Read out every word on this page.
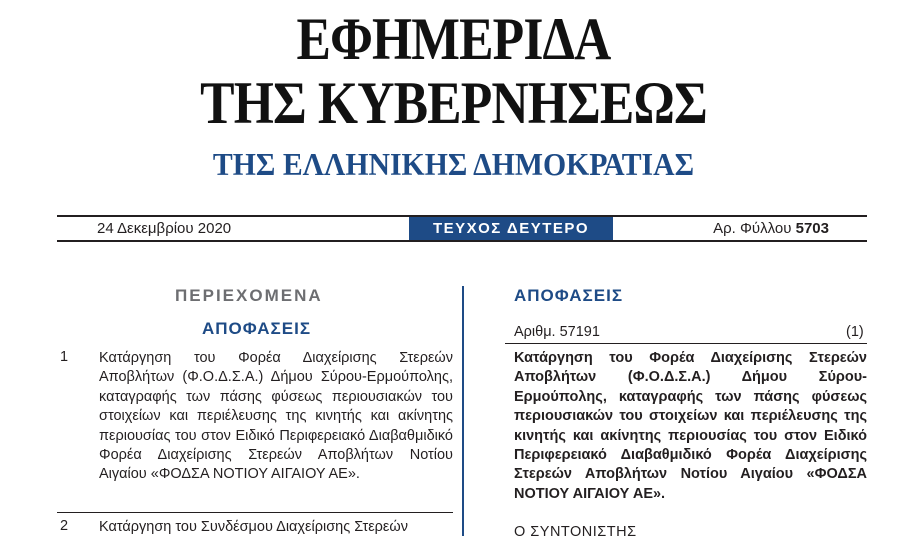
ΕΦΗΜΕΡΙΔΑ
ΤΗΣ ΚΥΒΕΡΝΗΣΕΩΣ
ΤΗΣ ΕΛΛΗΝΙΚΗΣ ΔΗΜΟΚΡΑΤΙΑΣ
24 Δεκεμβρίου 2020	ΤΕΥΧΟΣ ΔΕΥΤΕΡΟ	Αρ. Φύλλου 5703
ΠΕΡΙΕΧΟΜΕΝΑ
ΑΠΟΦΑΣΕΙΣ
1 Κατάργηση του Φορέα Διαχείρισης Στερεών Αποβλήτων (Φ.Ο.Δ.Σ.Α.) Δήμου Σύρου-Ερμούπολης, καταγραφής των πάσης φύσεως περιουσιακών του στοιχείων και περιέλευσης της κινητής και ακίνητης περιουσίας του στον Ειδικό Περιφερειακό Διαβαθμιδικό Φορέα Διαχείρισης Στερεών Αποβλήτων Νοτίου Αιγαίου «ΦΟΔΣΑ ΝΟΤΙΟΥ ΑΙΓΑΙΟΥ ΑΕ».
2 Κατάργηση του Συνδέσμου Διαχείρισης Στερεών
ΑΠΟΦΑΣΕΙΣ
Αριθμ. 57191	(1)
Κατάργηση του Φορέα Διαχείρισης Στερεών Αποβλήτων (Φ.Ο.Δ.Σ.Α.) Δήμου Σύρου-Ερμούπολης, καταγραφής των πάσης φύσεως περιουσιακών του στοιχείων και περιέλευσης της κινητής και ακίνητης περιουσίας του στον Ειδικό Περιφερειακό Διαβαθμιδικό Φορέα Διαχείρισης Στερεών Αποβλήτων Νοτίου Αιγαίου «ΦΟΔΣΑ ΝΟΤΙΟΥ ΑΙΓΑΙΟΥ ΑΕ».
Ο ΣΥΝΤΟΝΙΣΤΗΣ
